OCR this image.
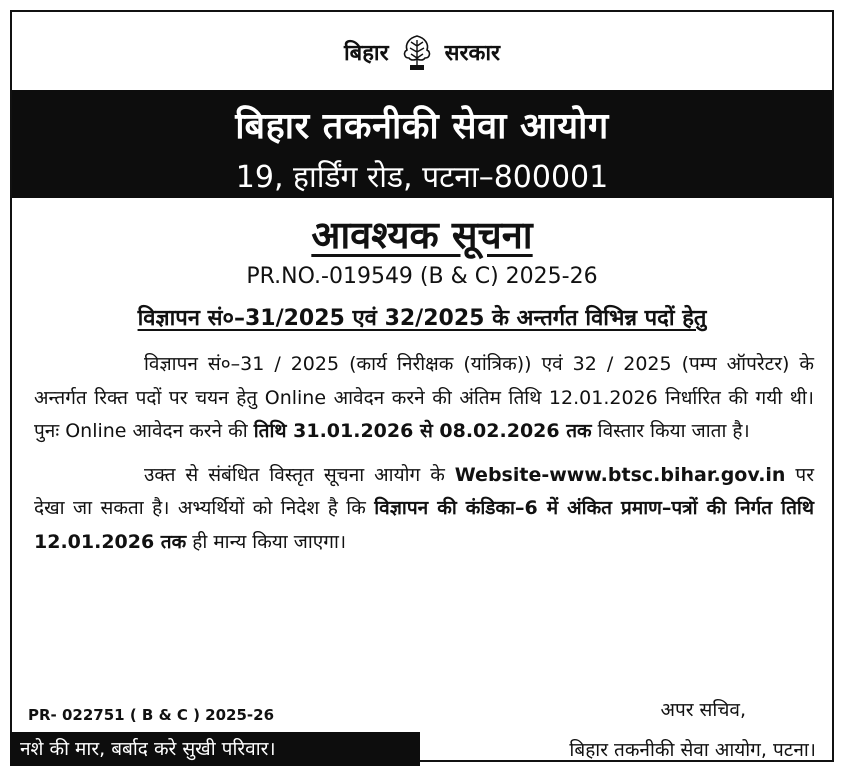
बिहार	सरकार
बिहार तकनीकी सेवा आयोग
19, हार्डिंग रोड, पटना–800001
आवश्यक सूचना
PR.NO.-019549 (B & C) 2025-26
विज्ञापन सं०–31/2025 एवं 32/2025 के अन्तर्गत विभिन्न पदों हेतु

विज्ञापन सं०–31 / 2025 (कार्य निरीक्षक (यांत्रिक)) एवं 32 / 2025 (पम्प ऑपरेटर) के अन्तर्गत रिक्त पदों पर चयन हेतु Online आवेदन करने की अंतिम तिथि 12.01.2026 निर्धारित की गयी थी। पुनः Online आवेदन करने की तिथि 31.01.2026 से 08.02.2026 तक विस्तार किया जाता है।

उक्त से संबंधित विस्तृत सूचना आयोग के Website-www.btsc.bihar.gov.in पर देखा जा सकता है। अभ्यर्थियों को निदेश है कि विज्ञापन की कंडिका–6 में अंकित प्रमाण–पत्रों की निर्गत तिथि 12.01.2026 तक ही मान्य किया जाएगा।

PR- 022751 ( B & C ) 2025-26	अपर सचिव,
नशे की मार, बर्बाद करे सुखी परिवार।	बिहार तकनीकी सेवा आयोग, पटना।
